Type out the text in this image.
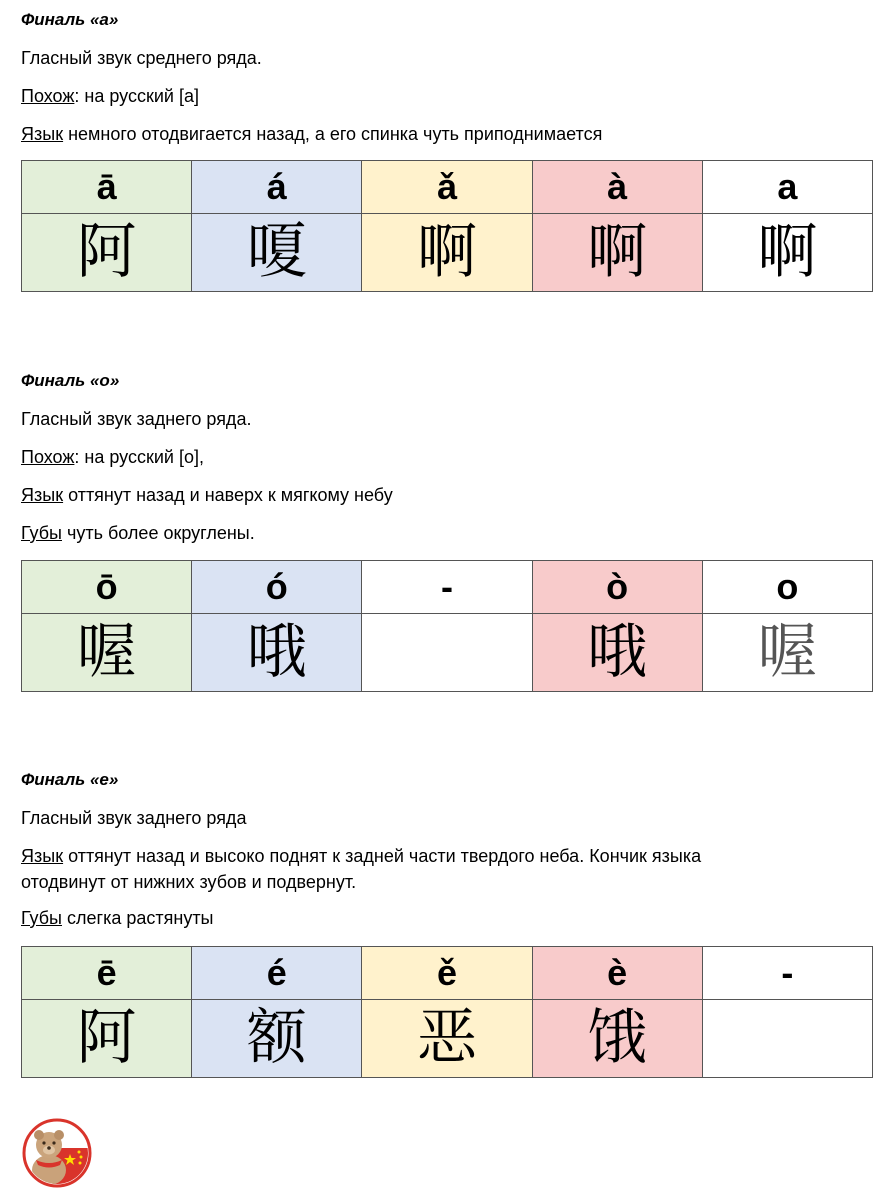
Финаль «а»

Гласный звук среднего ряда.

Похож: на русский [а]

Язык немного отодвигается назад, а его спинка чуть приподнимается

ā	á	ǎ	à	a
阿	嗄	啊	啊	啊

Финаль «о»

Гласный звук заднего ряда.

Похож: на русский [о],

Язык оттянут назад и наверх к мягкому небу

Губы чуть более округлены.

ō	ó	-	ò	o
喔	哦		哦	喔

Финаль «е»

Гласный звук заднего ряда

Язык оттянут назад и высоко поднят к задней части твердого неба. Кончик языка
отодвинут от нижних зубов и подвернут.

Губы слегка растянуты

ē	é	ě	è	-
阿	额	恶	饿	
